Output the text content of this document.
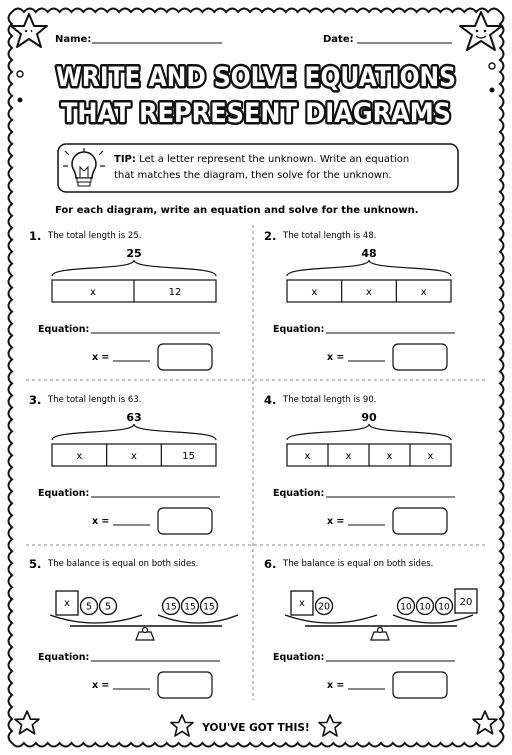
Name:	Date:
WRITE AND SOLVE EQUATIONS
THAT REPRESENT DIAGRAMS
TIP: Let a letter represent the unknown. Write an equation
that matches the diagram, then solve for the unknown.
For each diagram, write an equation and solve for the unknown.
1. The total length is 25.
25
x	12
Equation:
x =
2. The total length is 48.
48
x	x	x
Equation:
x =
3. The total length is 63.
63
x	x	15
Equation:
x =
4. The total length is 90.
90
x	x	x	x
Equation:
x =
5. The balance is equal on both sides.
x 5 5	15 15 15
Equation:
x =
6. The balance is equal on both sides.
x 20	10 10 10 20
Equation:
x =
YOU'VE GOT THIS!
